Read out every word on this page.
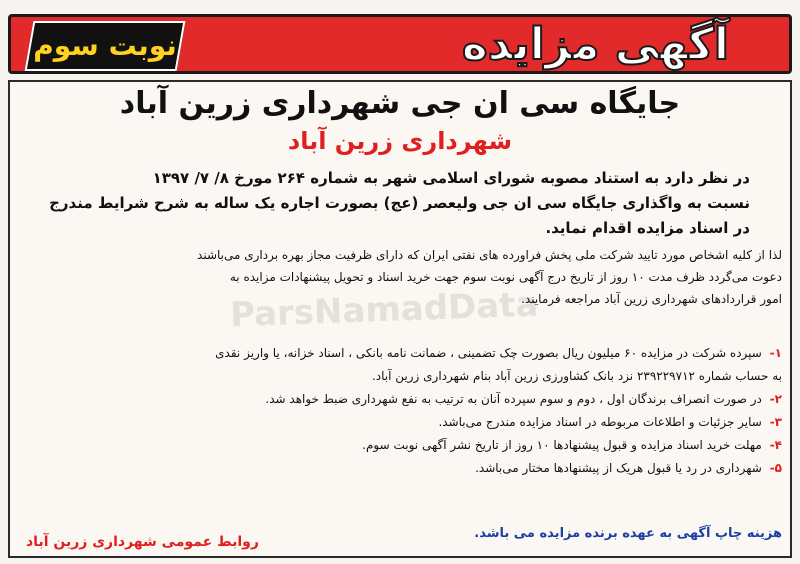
آگهی مزایده
نوبت سوم
ParsNamadData
جایگاه سی ان جی شهرداری زرین آباد
شهرداری زرین آباد
در نظر دارد به استناد مصوبه شورای اسلامی شهر به شماره ۲۶۴ مورخ ۸/ ۷/ ۱۳۹۷
نسبت به واگذاری جایگاه سی ان جی ولیعصر (عج) بصورت اجاره یک ساله به شرح شرایط مندرج
در اسناد مزایده اقدام نماید.
لذا از کلیه اشخاص مورد تایید شرکت ملی پخش فراورده های نفتی ایران که دارای ظرفیت مجاز بهره برداری می‌باشند
دعوت می‌گردد ظرف مدت ۱۰ روز از تاریخ درج آگهی نوبت سوم جهت خرید اسناد و تحویل پیشنهادات مزایده به
امور قراردادهای شهرداری زرین آباد مراجعه فرمایند.
۱- سپرده شرکت در مزایده ۶۰ میلیون ریال بصورت چک تضمینی ، ضمانت نامه بانکی ، اسناد خزانه، یا واریز نقدی
به حساب شماره ۲۳۹۲۲۹۷۱۲ نزد بانک کشاورزی زرین آباد بنام شهرداری زرین آباد.
۲- در صورت انصراف برندگان اول ، دوم و سوم سپرده آنان به ترتیب به نفع شهرداری ضبط خواهد شد.
۳- سایر جزئیات و اطلاعات مربوطه در اسناد مزایده مندرج می‌باشد.
۴- مهلت خرید اسناد مزایده و قبول پیشنهادها ۱۰ روز از تاریخ نشر آگهی نوبت سوم.
۵- شهرداری در رد یا قبول هریک از پیشنهادها مختار می‌باشد.
هزینه چاپ آگهی به عهده برنده مزایده می باشد.
روابط عمومی شهرداری زرین آباد
